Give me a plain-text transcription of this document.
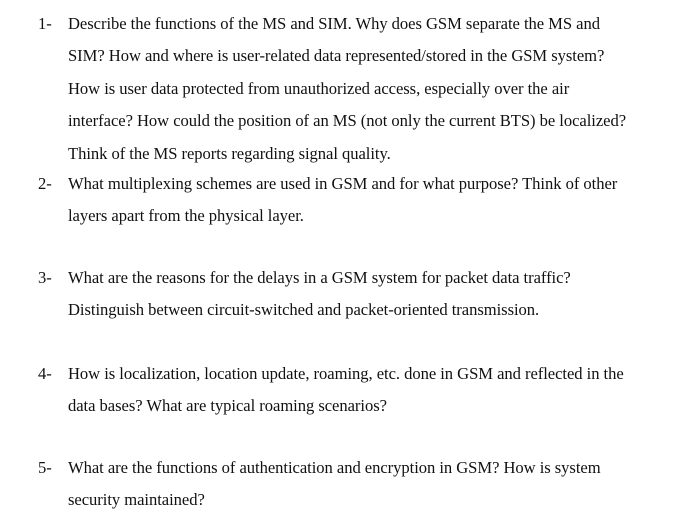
1- Describe the functions of the MS and SIM. Why does GSM separate the MS and
SIM? How and where is user-related data represented/stored in the GSM system?
How is user data protected from unauthorized access, especially over the air
interface? How could the position of an MS (not only the current BTS) be localized?
Think of the MS reports regarding signal quality.
2- What multiplexing schemes are used in GSM and for what purpose? Think of other
layers apart from the physical layer.
3- What are the reasons for the delays in a GSM system for packet data traffic?
Distinguish between circuit-switched and packet-oriented transmission.
4- How is localization, location update, roaming, etc. done in GSM and reflected in the
data bases? What are typical roaming scenarios?
5- What are the functions of authentication and encryption in GSM? How is system
security maintained?
